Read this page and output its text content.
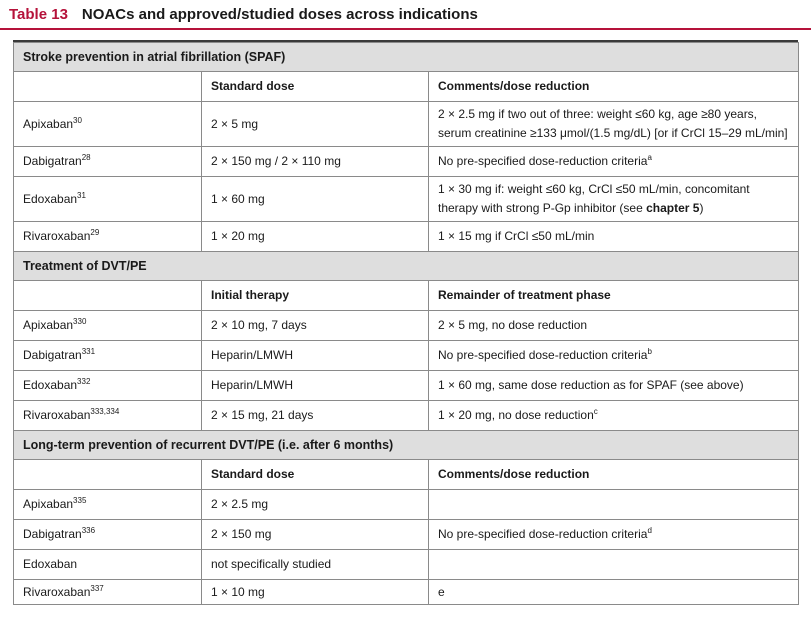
Table 13 NOACs and approved/studied doses across indications
Stroke prevention in atrial fibrillation (SPAF)		
	Standard dose	Comments/dose reduction
Apixaban$^{30}$	2 × 5 mg	2 × 2.5 mg if two out of three: weight ≤60 kg, age ≥80 years, serum creatinine ≥133 μmol/(1.5 mg/dL) [or if CrCl 15–29 mL/min]
Dabigatran$^{28}$	2 × 150 mg / 2 × 110 mg	No pre-specified dose-reduction criteria$^a$
Edoxaban$^{31}$	1 × 60 mg	1 × 30 mg if: weight ≤60 kg, CrCl ≤50 mL/min, concomitant therapy with strong P-Gp inhibitor (see chapter 5)
Rivaroxaban$^{29}$	1 × 20 mg	1 × 15 mg if CrCl ≤50 mL/min
Treatment of DVT/PE		
	Initial therapy	Remainder of treatment phase
Apixaban$^{330}$	2 × 10 mg, 7 days	2 × 5 mg, no dose reduction
Dabigatran$^{331}$	Heparin/LMWH	No pre-specified dose-reduction criteria$^b$
Edoxaban$^{332}$	Heparin/LMWH	1 × 60 mg, same dose reduction as for SPAF (see above)
Rivaroxaban$^{333,334}$	2 × 15 mg, 21 days	1 × 20 mg, no dose reduction$^c$
Long-term prevention of recurrent DVT/PE (i.e. after 6 months)		
	Standard dose	Comments/dose reduction
Apixaban$^{335}$	2 × 2.5 mg	
Dabigatran$^{336}$	2 × 150 mg	No pre-specified dose-reduction criteria$^d$
Edoxaban	not specifically studied	
Rivaroxaban$^{337}$	1 × 10 mg	e
